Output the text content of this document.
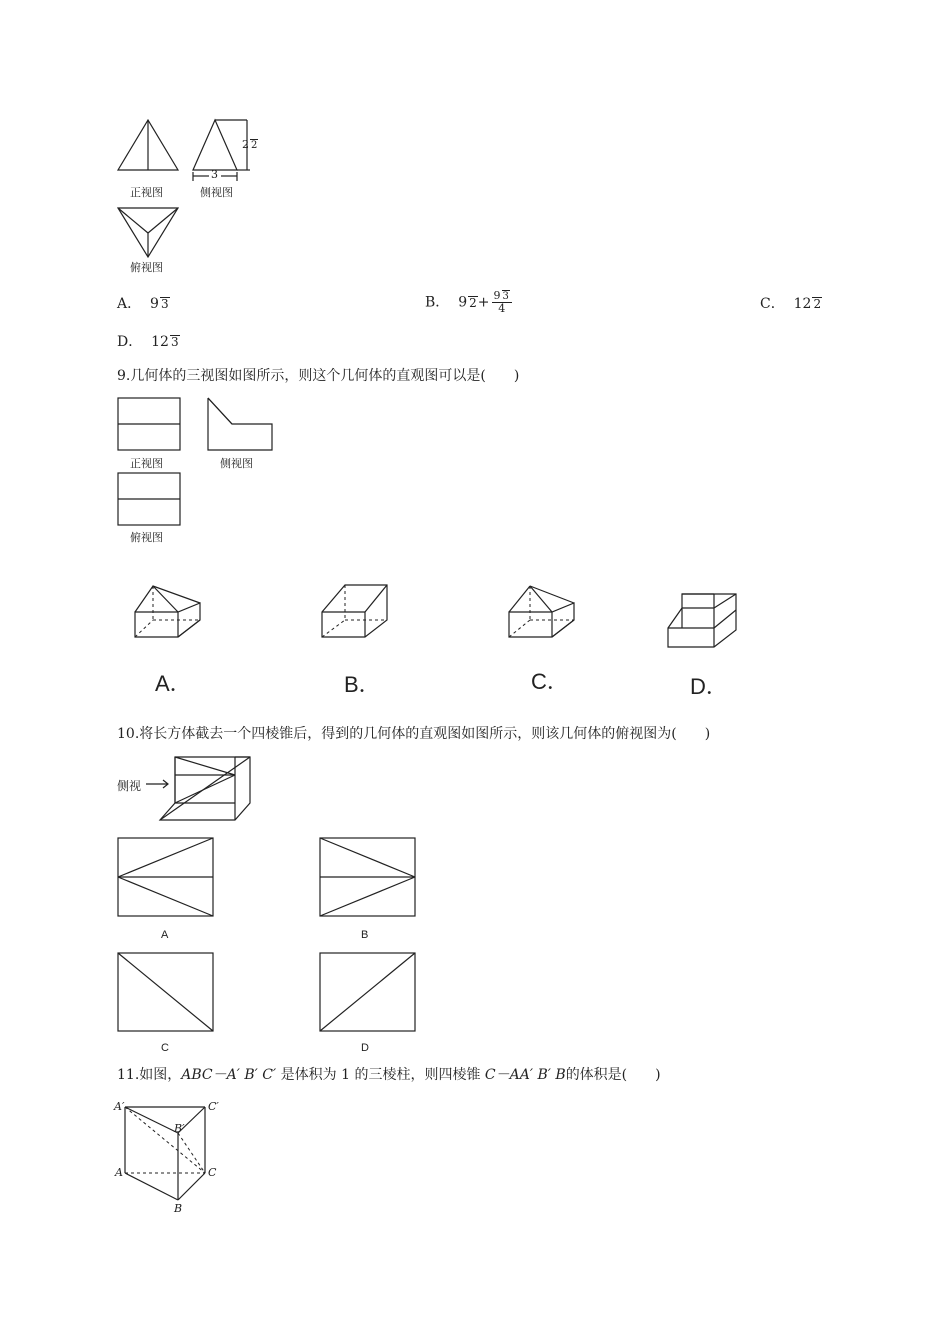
正视图	侧视图
俯视图
2 2
3
A． 9 3	B． 9 $2+ \frac{9 3}{4}$	C． 12 2
D． 12 3
9.几何体的三视图如图所示，则这个几何体的直观图可以是(　　)
正视图	侧视图
俯视图
A．	B．	C．	D．
10.将长方体截去一个四棱锥后，得到的几何体的直观图如图所示，则该几何体的俯视图为(　　)
侧视
A	B
C	D
11.如图，ABC－A′ B′ C′ 是体积为 1 的三棱柱，则四棱锥 C－AA′ B′ B的体积是(　　)
A′	C′
B′
A	C
B
